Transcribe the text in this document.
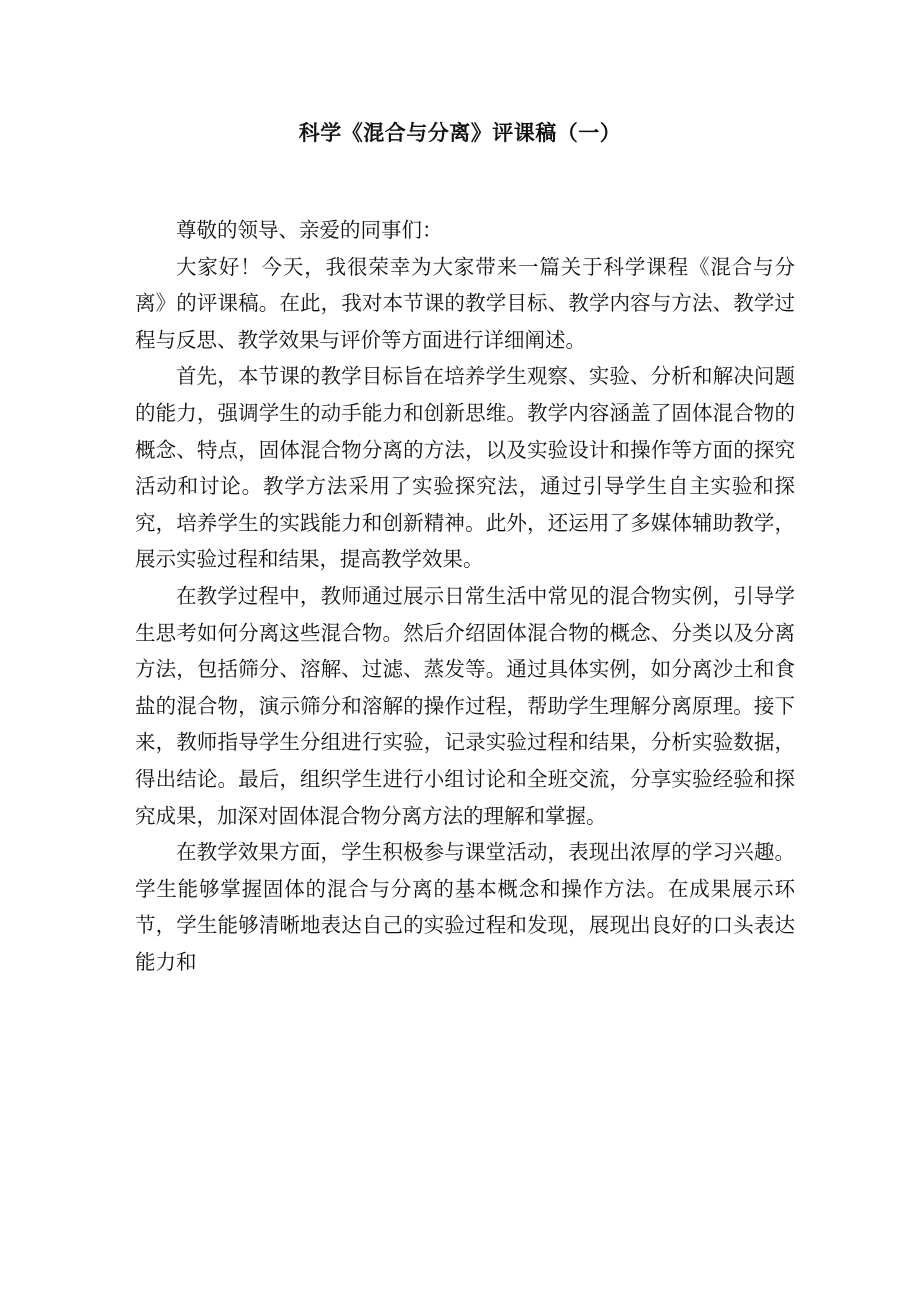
科学《混合与分离》评课稿（一）

尊敬的领导、亲爱的同事们：

大家好！今天，我很荣幸为大家带来一篇关于科学课程《混合与分离》的评课稿。在此，我对本节课的教学目标、教学内容与方法、教学过程与反思、教学效果与评价等方面进行详细阐述。

首先，本节课的教学目标旨在培养学生观察、实验、分析和解决问题的能力，强调学生的动手能力和创新思维。教学内容涵盖了固体混合物的概念、特点，固体混合物分离的方法，以及实验设计和操作等方面的探究活动和讨论。教学方法采用了实验探究法，通过引导学生自主实验和探究，培养学生的实践能力和创新精神。此外，还运用了多媒体辅助教学，展示实验过程和结果，提高教学效果。

在教学过程中，教师通过展示日常生活中常见的混合物实例，引导学生思考如何分离这些混合物。然后介绍固体混合物的概念、分类以及分离方法，包括筛分、溶解、过滤、蒸发等。通过具体实例，如分离沙土和食盐的混合物，演示筛分和溶解的操作过程，帮助学生理解分离原理。接下来，教师指导学生分组进行实验，记录实验过程和结果，分析实验数据，得出结论。最后，组织学生进行小组讨论和全班交流，分享实验经验和探究成果，加深对固体混合物分离方法的理解和掌握。

在教学效果方面，学生积极参与课堂活动，表现出浓厚的学习兴趣。学生能够掌握固体的混合与分离的基本概念和操作方法。在成果展示环节，学生能够清晰地表达自己的实验过程和发现，展现出良好的口头表达能力和
